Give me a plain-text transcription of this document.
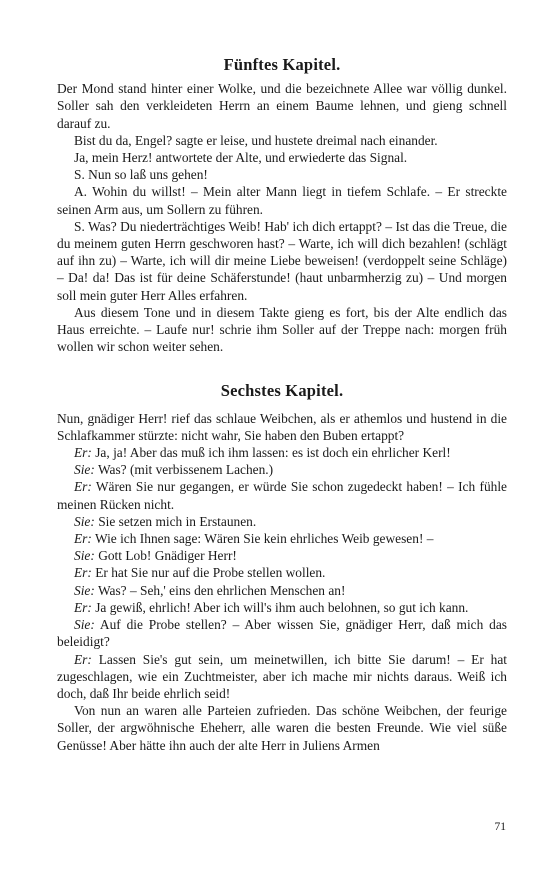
Fünftes Kapitel.

Der Mond stand hinter einer Wolke, und die bezeichnete Allee war völlig dunkel. Soller sah den verkleideten Herrn an einem Baume lehnen, und gieng schnell darauf zu.

Bist du da, Engel? sagte er leise, und hustete dreimal nach einander.

Ja, mein Herz! antwortete der Alte, und erwiederte das Signal.

S. Nun so laß uns gehen!

A. Wohin du willst! – Mein alter Mann liegt in tiefem Schlafe. – Er streckte seinen Arm aus, um Sollern zu führen.

S. Was? Du niederträchtiges Weib! Hab' ich dich ertappt? – Ist das die Treue, die du meinem guten Herrn geschworen hast? – Warte, ich will dich bezahlen! (schlägt auf ihn zu) – Warte, ich will dir meine Liebe beweisen! (verdoppelt seine Schläge) – Da! da! Das ist für deine Schäferstunde! (haut unbarmherzig zu) – Und morgen soll mein guter Herr Alles erfahren.

Aus diesem Tone und in diesem Takte gieng es fort, bis der Alte endlich das Haus erreichte. – Laufe nur! schrie ihm Soller auf der Treppe nach: morgen früh wollen wir schon weiter sehen.

Sechstes Kapitel.

Nun, gnädiger Herr! rief das schlaue Weibchen, als er athemlos und hustend in die Schlafkammer stürzte: nicht wahr, Sie haben den Buben ertappt?

Er: Ja, ja! Aber das muß ich ihm lassen: es ist doch ein ehrlicher Kerl!

Sie: Was? (mit verbissenem Lachen.)

Er: Wären Sie nur gegangen, er würde Sie schon zugedeckt haben! – Ich fühle meinen Rücken nicht.

Sie: Sie setzen mich in Erstaunen.

Er: Wie ich Ihnen sage: Wären Sie kein ehrliches Weib gewesen! –

Sie: Gott Lob! Gnädiger Herr!

Er: Er hat Sie nur auf die Probe stellen wollen.

Sie: Was? – Seh,' eins den ehrlichen Menschen an!

Er: Ja gewiß, ehrlich! Aber ich will's ihm auch belohnen, so gut ich kann.

Sie: Auf die Probe stellen? – Aber wissen Sie, gnädiger Herr, daß mich das beleidigt?

Er: Lassen Sie's gut sein, um meinetwillen, ich bitte Sie darum! – Er hat zugeschlagen, wie ein Zuchtmeister, aber ich mache mir nichts daraus. Weiß ich doch, daß Ihr beide ehrlich seid!

Von nun an waren alle Parteien zufrieden. Das schöne Weibchen, der feurige Soller, der argwöhnische Eheherr, alle waren die besten Freunde. Wie viel süße Genüsse! Aber hätte ihn auch der alte Herr in Juliens Armen

71
